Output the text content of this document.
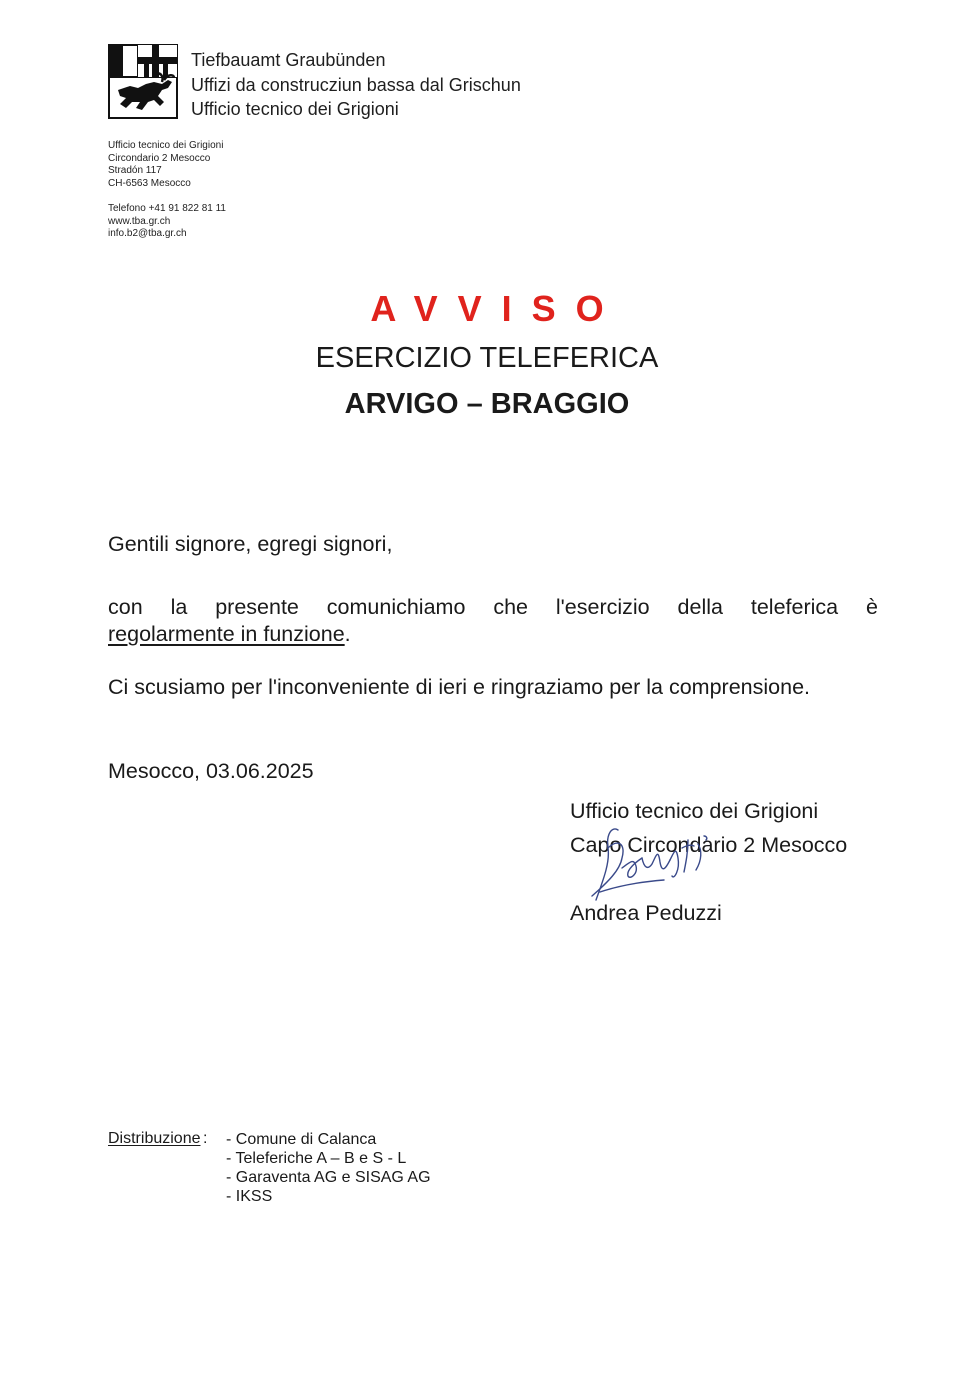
Tiefbauamt Graubünden
Uffizi da construcziun bassa dal Grischun
Ufficio tecnico dei Grigioni
Ufficio tecnico dei Grigioni
Circondario 2 Mesocco
Stradón 117
CH-6563 Mesocco
Telefono +41 91 822 81 11
www.tba.gr.ch
info.b2@tba.gr.ch
AVVISO
ESERCIZIO TELEFERICA
ARVIGO – BRAGGIO
Gentili signore, egregi signori,
con la presente comunichiamo che l'esercizio della teleferica è
regolarmente in funzione.
Ci scusiamo per l'inconveniente di ieri e ringraziamo per la comprensione.
Mesocco, 03.06.2025
Ufficio tecnico dei Grigioni
Capo Circondario 2 Mesocco
Andrea Peduzzi
Distribuzione : - Comune di Calanca
- Teleferiche A – B e S - L
- Garaventa AG e SISAG AG
- IKSS
